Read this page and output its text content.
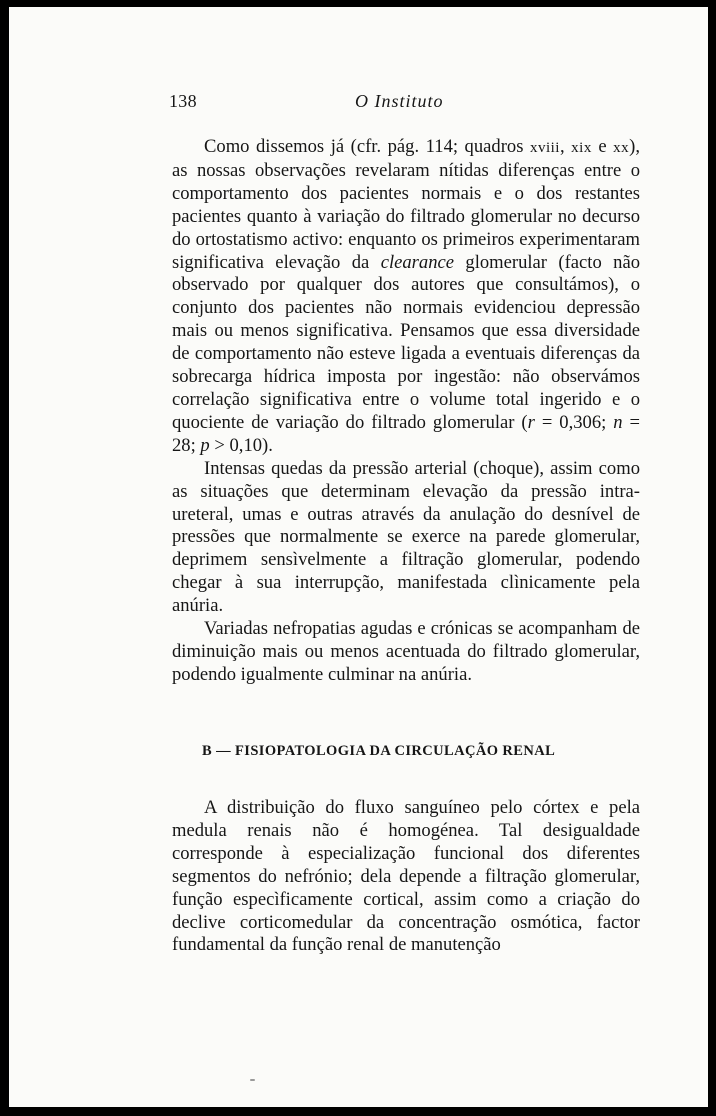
138	O Instituto

Como dissemos já (cfr. pág. 114; quadros xviii, xix e xx), as nossas observações revelaram nítidas diferenças entre o comportamento dos pacientes normais e o dos restantes pacientes quanto à variação do filtrado glomerular no decurso do ortostatismo activo: enquanto os primeiros experimentaram significativa elevação da clearance glomerular (facto não observado por qualquer dos autores que consultámos), o conjunto dos pacientes não normais evidenciou depressão mais ou menos significativa. Pensamos que essa diversidade de comportamento não esteve ligada a eventuais diferenças da sobrecarga hídrica imposta por ingestão: não observámos correlação significativa entre o volume total ingerido e o quociente de variação do filtrado glomerular (r = 0,306; n = 28; p > 0,10).

Intensas quedas da pressão arterial (choque), assim como as situações que determinam elevação da pressão intra-ureteral, umas e outras através da anulação do desnível de pressões que normalmente se exerce na parede glomerular, deprimem sensìvelmente a filtração glomerular, podendo chegar à sua interrupção, manifestada clìnicamente pela anúria.

Variadas nefropatias agudas e crónicas se acompanham de diminuição mais ou menos acentuada do filtrado glomerular, podendo igualmente culminar na anúria.

B — FISIOPATOLOGIA DA CIRCULAÇÃO RENAL

A distribuição do fluxo sanguíneo pelo córtex e pela medula renais não é homogénea. Tal desigualdade corresponde à especialização funcional dos diferentes segmentos do nefrónio; dela depende a filtração glomerular, função especìficamente cortical, assim como a criação do declive corticomedular da concentração osmótica, factor fundamental da função renal de manutenção
